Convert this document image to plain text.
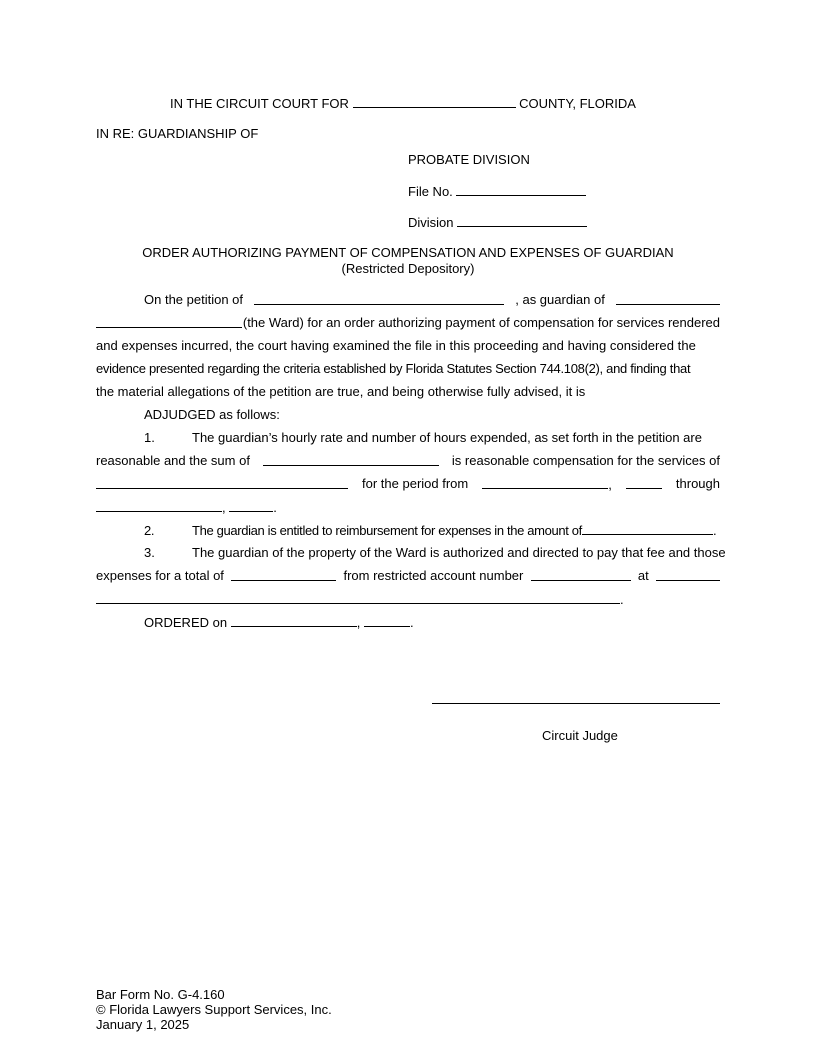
IN THE CIRCUIT COURT FOR	COUNTY, FLORIDA
IN RE: GUARDIANSHIP OF
PROBATE DIVISION
File No.
Division
ORDER AUTHORIZING PAYMENT OF COMPENSATION AND EXPENSES OF GUARDIAN
(Restricted Depository)
On the petition of	, as guardian of
(the Ward) for an order authorizing payment of compensation for services rendered
and expenses incurred, the court having examined the file in this proceeding and having considered the
evidence presented regarding the criteria established by Florida Statutes Section 744.108(2), and finding that
the material allegations of the petition are true, and being otherwise fully advised, it is
ADJUDGED as follows:
1.	The guardian’s hourly rate and number of hours expended, as set forth in the petition are
reasonable and the sum of	is reasonable compensation for the services of
for the period from	,	through
,	.
2.	The guardian is entitled to reimbursement for expenses in the amount of	.
3.	The guardian of the property of the Ward is authorized and directed to pay that fee and those
expenses for a total of	from restricted account number	at
.
ORDERED on	,	.
Circuit Judge
Bar Form No. G-4.160
© Florida Lawyers Support Services, Inc.
January 1, 2025
